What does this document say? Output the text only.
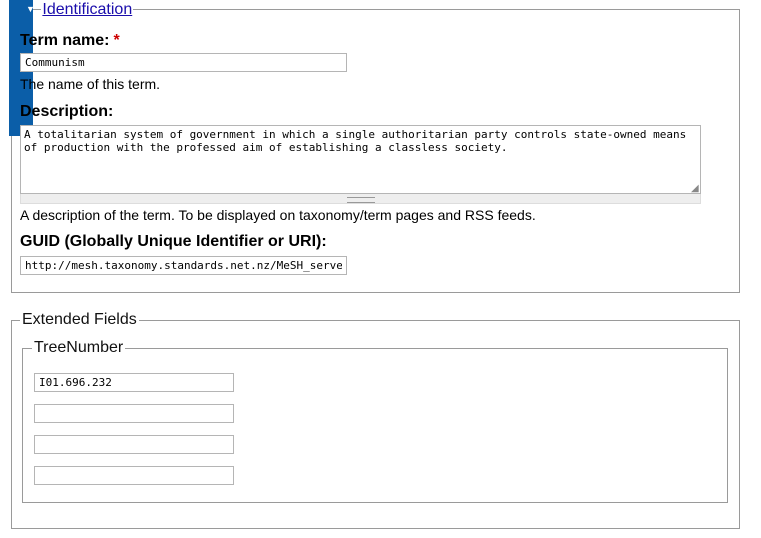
▼ Identification
Term name: *
Communism
The name of this term.
Description:
A totalitarian system of government in which a single authoritarian party controls state-owned means of production with the professed aim of establishing a classless society.
◢
A description of the term. To be displayed on taxonomy/term pages and RSS feeds.
GUID (Globally Unique Identifier or URI):
http://mesh.taxonomy.standards.net.nz/MeSH_server.php?
Extended Fields
TreeNumber
I01.696.232
